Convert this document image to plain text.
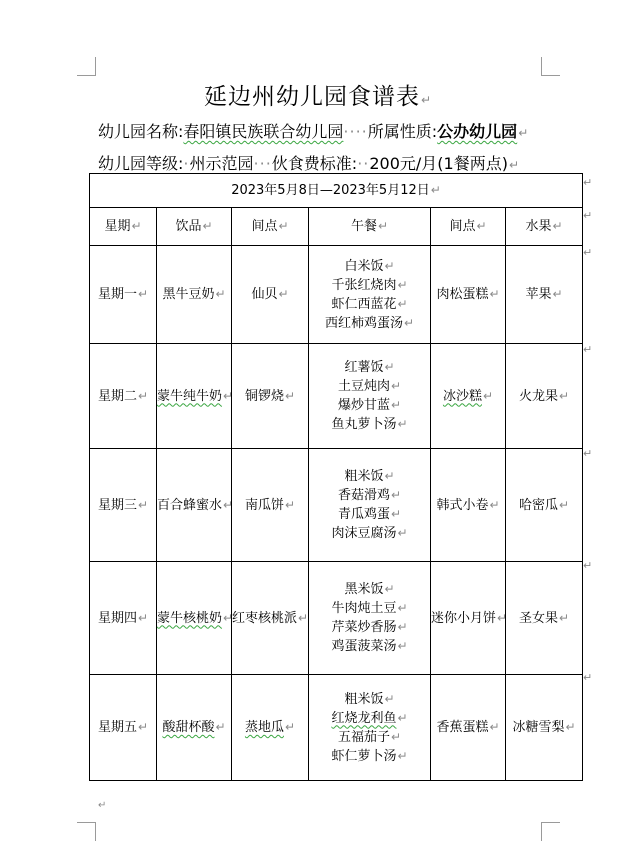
延边州幼儿园食谱表↵
幼儿园名称:春阳镇民族联合幼儿园····所属性质:公办幼儿园↵
幼儿园等级:·州示范园···伙食费标准:··200元/月(1餐两点)↵
2023年5月8日—2023年5月12日↵					
星期↵	饮品↵	间点↵	午餐↵	间点↵	水果↵
星期一↵	黑牛豆奶↵	仙贝↵	白米饭↵
千张红烧肉↵
虾仁西蓝花↵
西红柿鸡蛋汤↵	肉松蛋糕↵	苹果↵
星期二↵	蒙牛纯牛奶↵	铜锣烧↵	红薯饭↵
土豆炖肉↵
爆炒甘蓝↵
鱼丸萝卜汤↵	冰沙糕↵	火龙果↵
星期三↵	百合蜂蜜水↵	南瓜饼↵	粗米饭↵
香菇滑鸡↵
青瓜鸡蛋↵
肉沫豆腐汤↵	韩式小卷↵	哈密瓜↵
星期四↵	蒙牛核桃奶↵	红枣核桃派↵	黑米饭↵
牛肉炖土豆↵
芹菜炒香肠↵
鸡蛋菠菜汤↵	迷你小月饼↵	圣女果↵
星期五↵	酸甜杯酸↵	蒸地瓜↵	粗米饭↵
红烧龙利鱼↵
五福茄子↵
虾仁萝卜汤↵	香蕉蛋糕↵	冰糖雪梨↵
↵
↵
↵
↵
↵
↵
↵
↵
